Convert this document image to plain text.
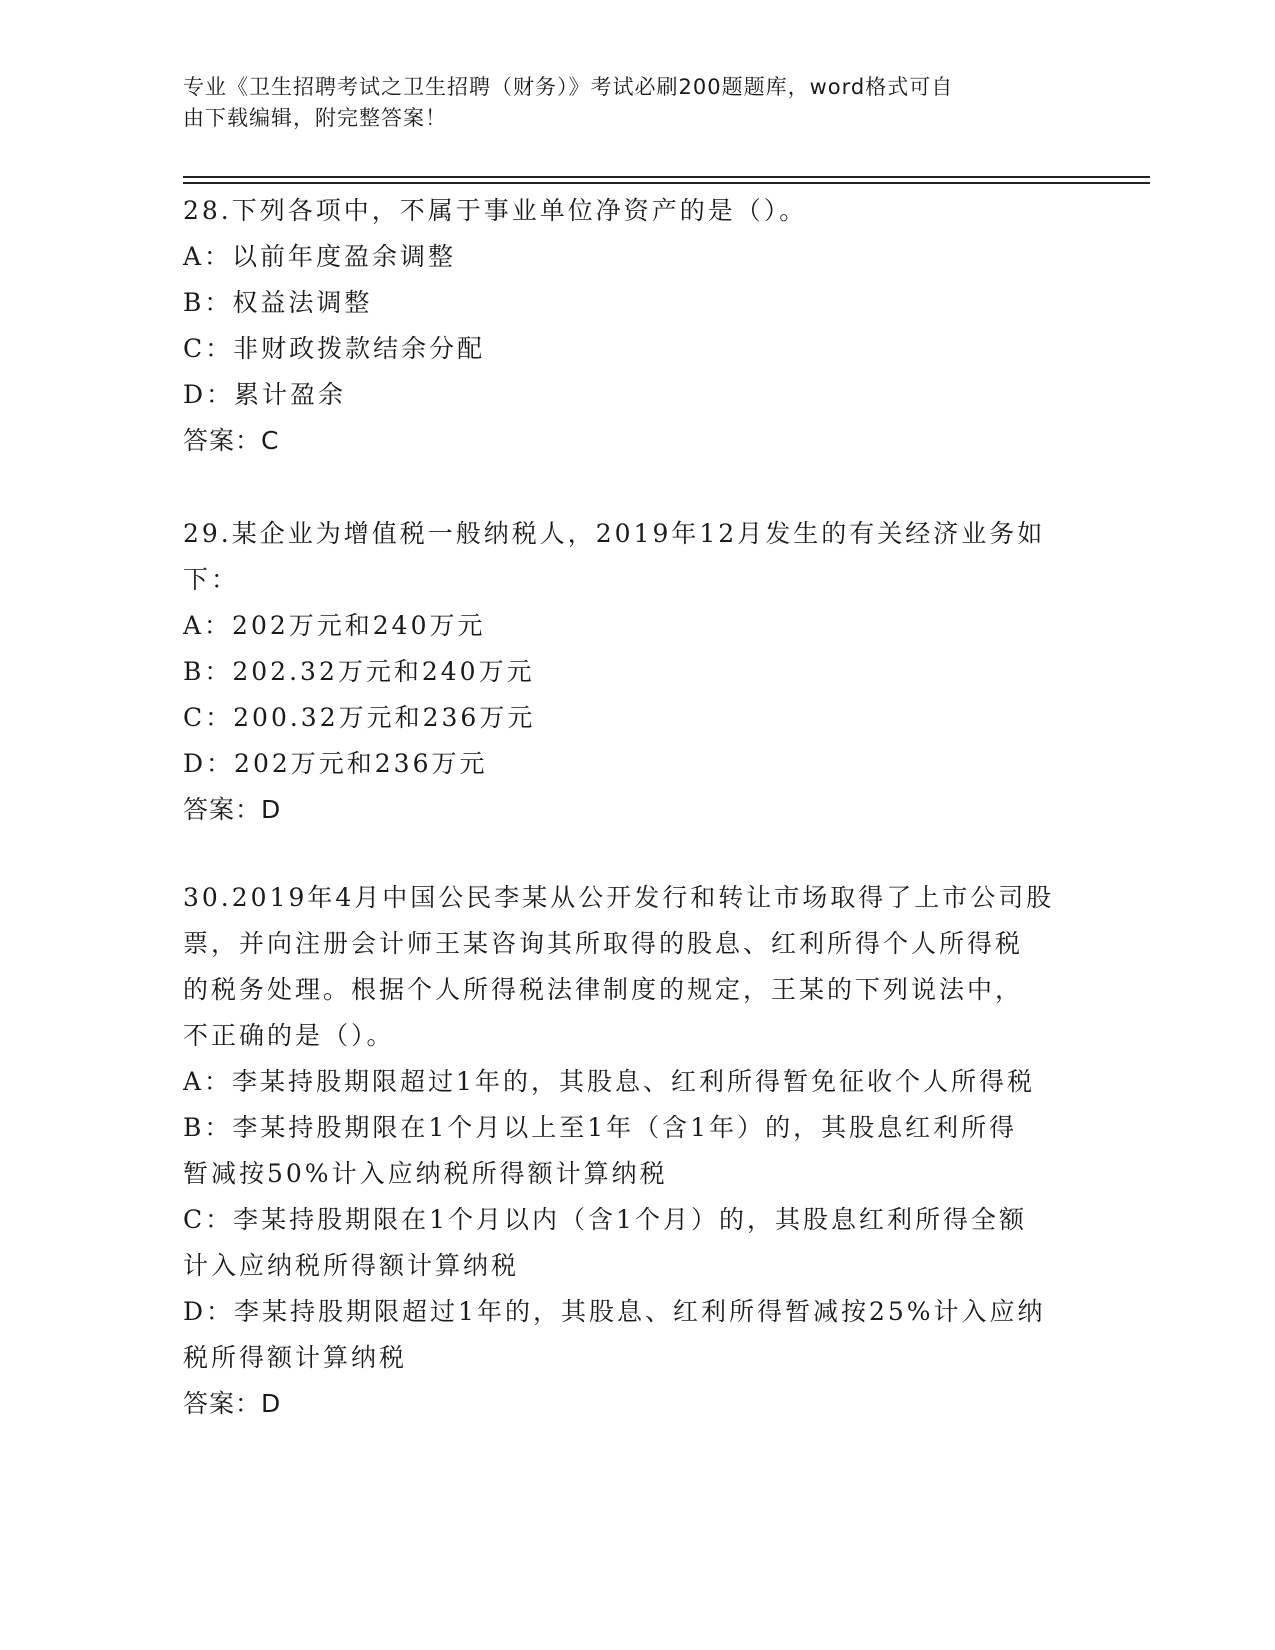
专业《卫生招聘考试之卫生招聘（财务）》考试必刷200题题库，word格式可自
由下载编辑，附完整答案！
28.下列各项中，不属于事业单位净资产的是（）。
A：以前年度盈余调整
B：权益法调整
C：非财政拨款结余分配
D：累计盈余
答案：C
29.某企业为增值税一般纳税人，2019年12月发生的有关经济业务如
下：
A：202万元和240万元
B：202.32万元和240万元
C：200.32万元和236万元
D：202万元和236万元
答案：D
30.2019年4月中国公民李某从公开发行和转让市场取得了上市公司股
票，并向注册会计师王某咨询其所取得的股息、红利所得个人所得税
的税务处理。根据个人所得税法律制度的规定，王某的下列说法中，
不正确的是（）。
A：李某持股期限超过1年的，其股息、红利所得暂免征收个人所得税
B：李某持股期限在1个月以上至1年（含1年）的，其股息红利所得
暂减按50%计入应纳税所得额计算纳税
C：李某持股期限在1个月以内（含1个月）的，其股息红利所得全额
计入应纳税所得额计算纳税
D：李某持股期限超过1年的，其股息、红利所得暂减按25%计入应纳
税所得额计算纳税
答案：D
